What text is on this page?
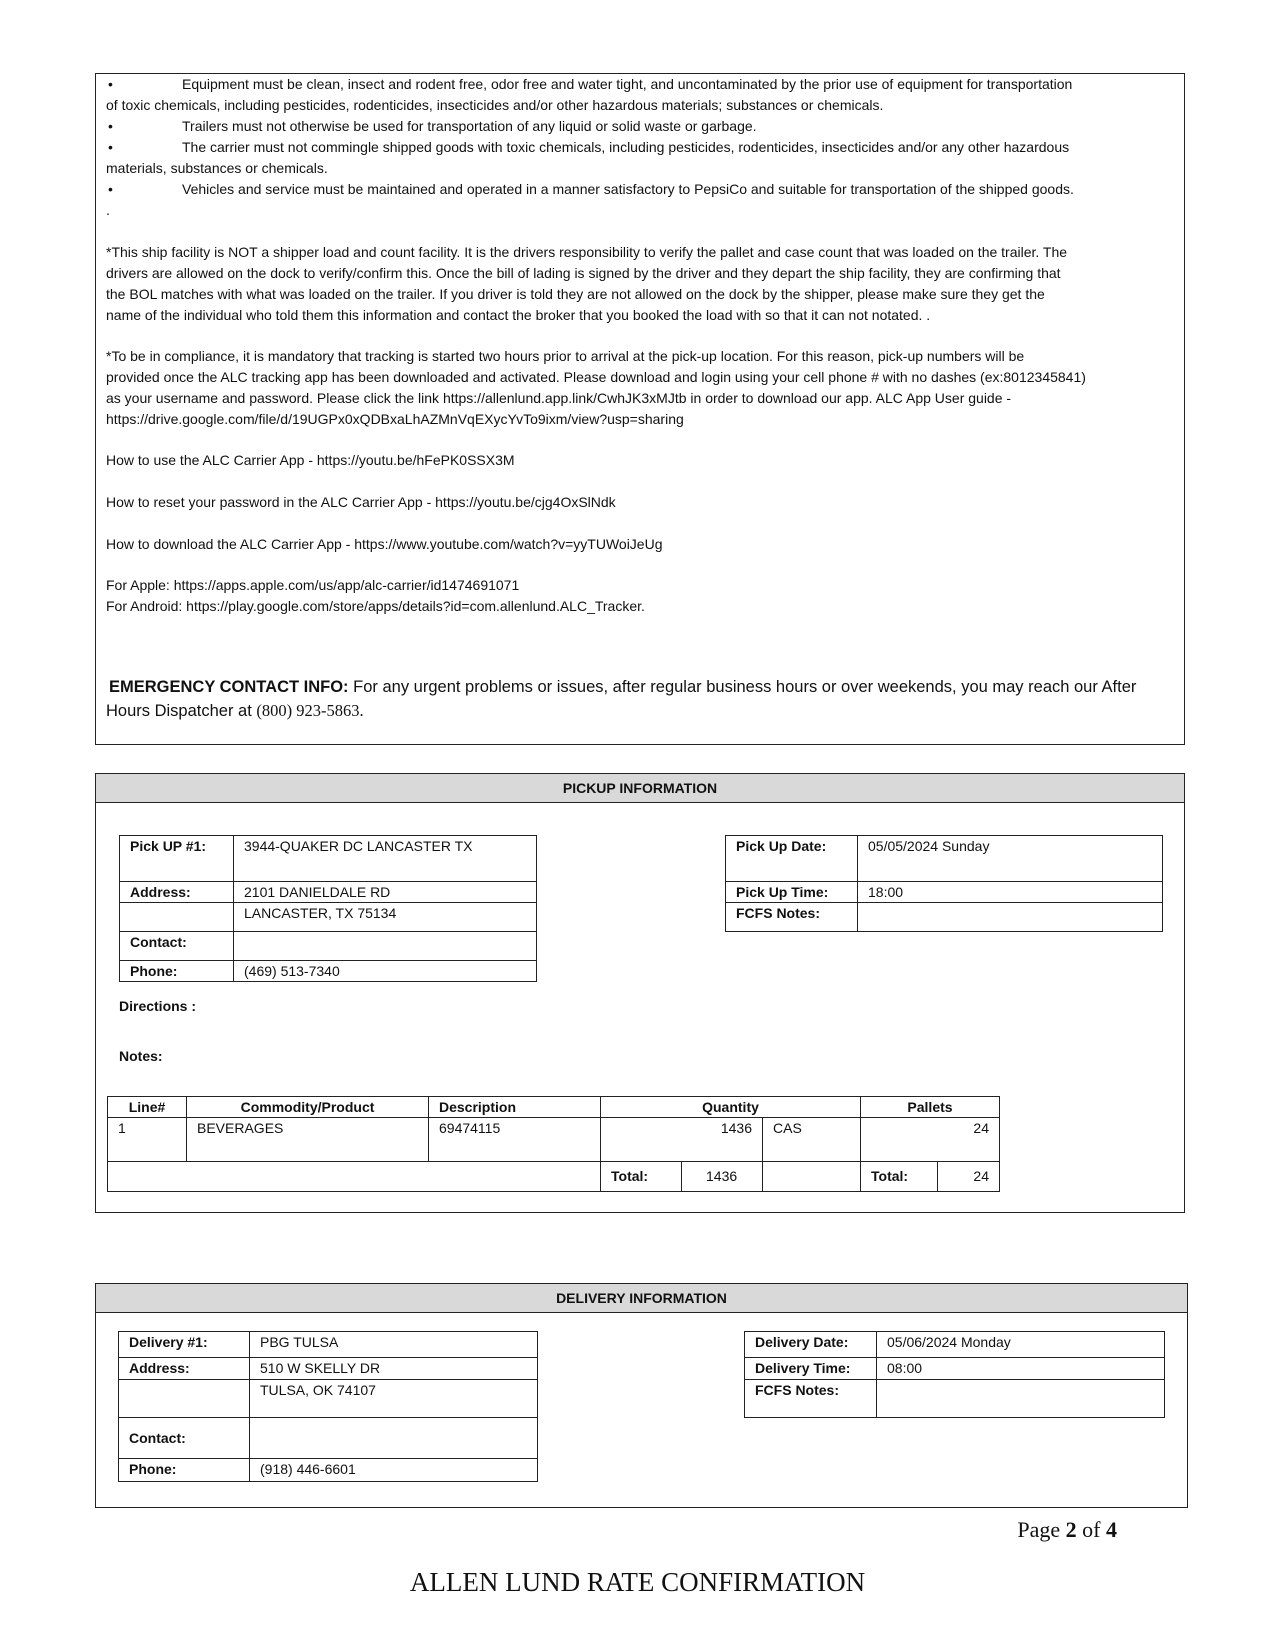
•	Equipment must be clean, insect and rodent free, odor free and water tight, and uncontaminated by the prior use of equipment for transportation
of toxic chemicals, including pesticides, rodenticides, insecticides and/or other hazardous materials; substances or chemicals.
•	Trailers must not otherwise be used for transportation of any liquid or solid waste or garbage.
•	The carrier must not commingle shipped goods with toxic chemicals, including pesticides, rodenticides, insecticides and/or any other hazardous
materials, substances or chemicals.
•	Vehicles and service must be maintained and operated in a manner satisfactory to PepsiCo and suitable for transportation of the shipped goods.
.
*This ship facility is NOT a shipper load and count facility. It is the drivers responsibility to verify the pallet and case count that was loaded on the trailer. The
drivers are allowed on the dock to verify/confirm this. Once the bill of lading is signed by the driver and they depart the ship facility, they are confirming that
the BOL matches with what was loaded on the trailer. If you driver is told they are not allowed on the dock by the shipper, please make sure they get the
name of the individual who told them this information and contact the broker that you booked the load with so that it can not notated. .
*To be in compliance, it is mandatory that tracking is started two hours prior to arrival at the pick-up location. For this reason, pick-up numbers will be
provided once the ALC tracking app has been downloaded and activated. Please download and login using your cell phone # with no dashes (ex:8012345841)
as your username and password. Please click the link https://allenlund.app.link/CwhJK3xMJtb in order to download our app. ALC App User guide -
https://drive.google.com/file/d/19UGPx0xQDBxaLhAZMnVqEXycYvTo9ixm/view?usp=sharing
How to use the ALC Carrier App - https://youtu.be/hFePK0SSX3M
How to reset your password in the ALC Carrier App - https://youtu.be/cjg4OxSlNdk
How to download the ALC Carrier App - https://www.youtube.com/watch?v=yyTUWoiJeUg
For Apple: https://apps.apple.com/us/app/alc-carrier/id1474691071
For Android: https://play.google.com/store/apps/details?id=com.allenlund.ALC_Tracker.
EMERGENCY CONTACT INFO: For any urgent problems or issues, after regular business hours or over weekends, you may reach our After
Hours Dispatcher at (800) 923-5863.
PICKUP INFORMATION
Pick UP #1:	3944-QUAKER DC LANCASTER TX
Address:	2101 DANIELDALE RD
	LANCASTER, TX 75134
Contact:	
Phone:	(469) 513-7340
Pick Up Date:	05/05/2024 Sunday
Pick Up Time:	18:00
FCFS Notes:	
Directions :
Notes:
Line#	Commodity/Product	Description	Quantity			Pallets	
1	BEVERAGES	69474115	1436		CAS	24	
			Total:	1436		Total:	24
DELIVERY INFORMATION
Delivery #1:	PBG TULSA
Address:	510 W SKELLY DR
	TULSA, OK 74107
Contact:	
Phone:	(918) 446-6601
Delivery Date:	05/06/2024 Monday
Delivery Time:	08:00
FCFS Notes:	
Page 2 of 4
ALLEN LUND RATE CONFIRMATION
